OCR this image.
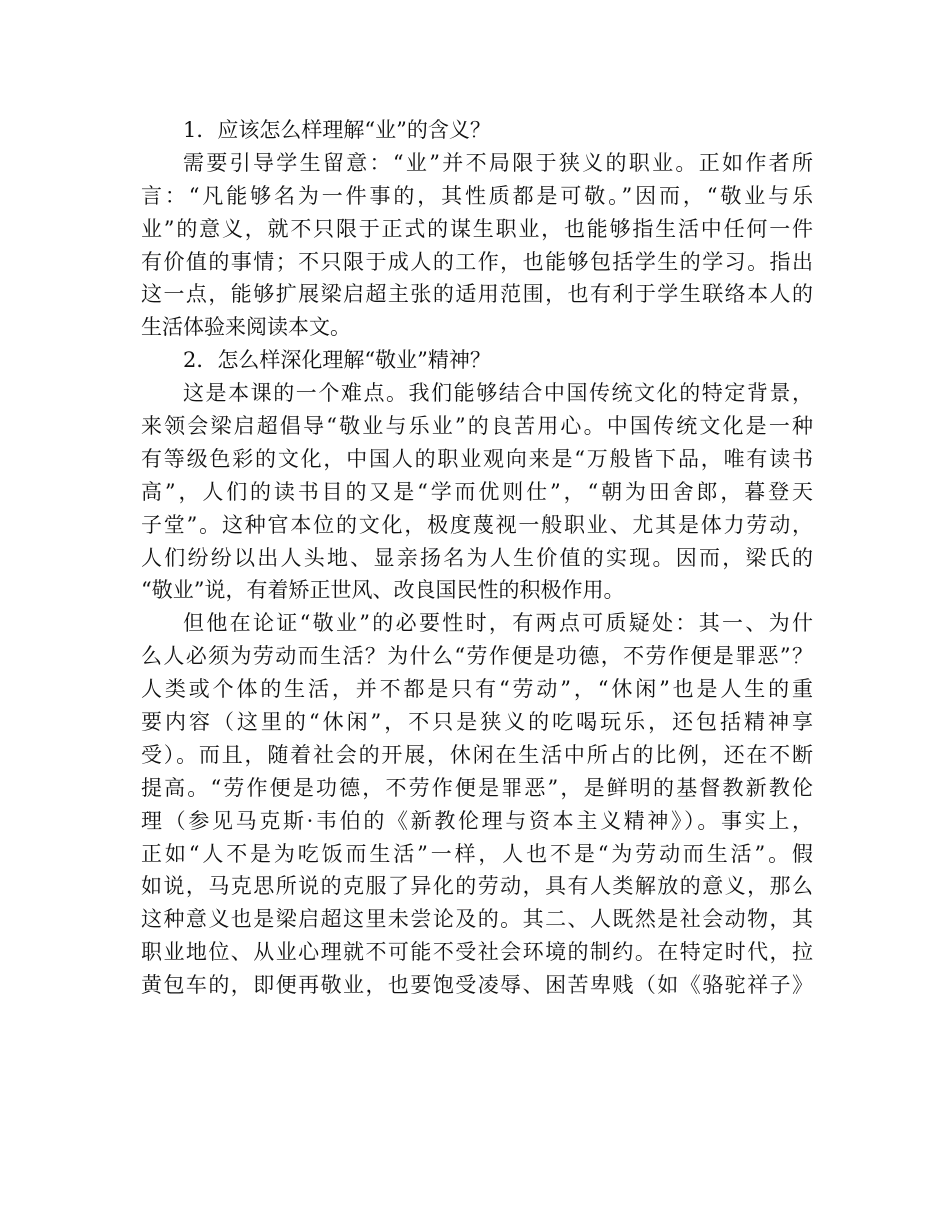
1．应该怎么样理解“业”的含义？
需要引导学生留意：“业”并不局限于狭义的职业。正如作者所
言：“凡能够名为一件事的，其性质都是可敬。”因而，“敬业与乐
业”的意义，就不只限于正式的谋生职业，也能够指生活中任何一件
有价值的事情；不只限于成人的工作，也能够包括学生的学习。指出
这一点，能够扩展梁启超主张的适用范围，也有利于学生联络本人的
生活体验来阅读本文。
2．怎么样深化理解“敬业”精神？
这是本课的一个难点。我们能够结合中国传统文化的特定背景，
来领会梁启超倡导“敬业与乐业”的良苦用心。中国传统文化是一种
有等级色彩的文化，中国人的职业观向来是“万般皆下品，唯有读书
高”，人们的读书目的又是“学而优则仕”，“朝为田舍郎，暮登天
子堂”。这种官本位的文化，极度蔑视一般职业、尤其是体力劳动，
人们纷纷以出人头地、显亲扬名为人生价值的实现。因而，梁氏的
“敬业”说，有着矫正世风、改良国民性的积极作用。
但他在论证“敬业”的必要性时，有两点可质疑处：其一、为什
么人必须为劳动而生活？为什么“劳作便是功德，不劳作便是罪恶”？
人类或个体的生活，并不都是只有“劳动”，“休闲”也是人生的重
要内容（这里的“休闲”，不只是狭义的吃喝玩乐，还包括精神享
受）。而且，随着社会的开展，休闲在生活中所占的比例，还在不断
提高。“劳作便是功德，不劳作便是罪恶”，是鲜明的基督教新教伦
理（参见马克斯·韦伯的《新教伦理与资本主义精神》）。事实上，
正如“人不是为吃饭而生活”一样，人也不是“为劳动而生活”。假
如说，马克思所说的克服了异化的劳动，具有人类解放的意义，那么
这种意义也是梁启超这里未尝论及的。其二、人既然是社会动物，其
职业地位、从业心理就不可能不受社会环境的制约。在特定时代，拉
黄包车的，即便再敬业，也要饱受凌辱、困苦卑贱（如《骆驼祥子》
